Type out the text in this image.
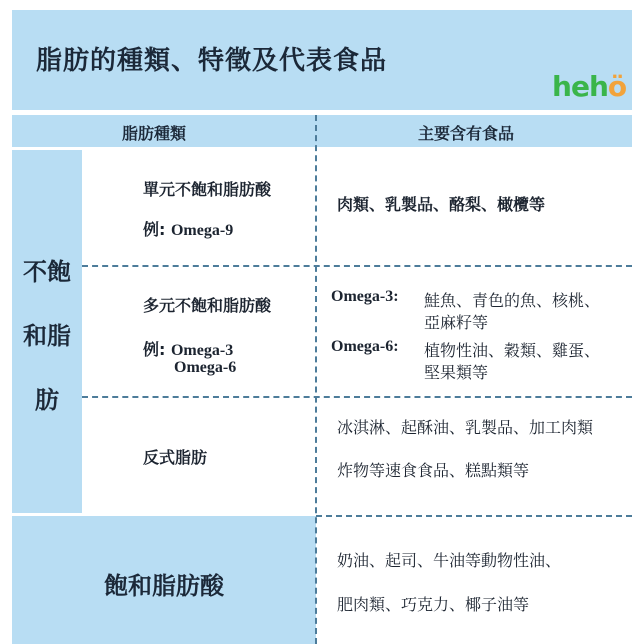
脂肪的種類、特徵及代表食品
hehö
脂肪種類	主要含有食品
不飽
和脂
肪
飽和脂肪酸
單元不飽和脂肪酸
例: Omega-9
肉類、乳製品、酪梨、橄欖等
多元不飽和脂肪酸
例: Omega-3
Omega-6
Omega-3: 鮭魚、青色的魚、核桃、
亞麻籽等
Omega-6: 植物性油、穀類、雞蛋、
堅果類等
反式脂肪
冰淇淋、起酥油、乳製品、加工肉類
炸物等速食食品、糕點類等
奶油、起司、牛油等動物性油、
肥肉類、巧克力、椰子油等
